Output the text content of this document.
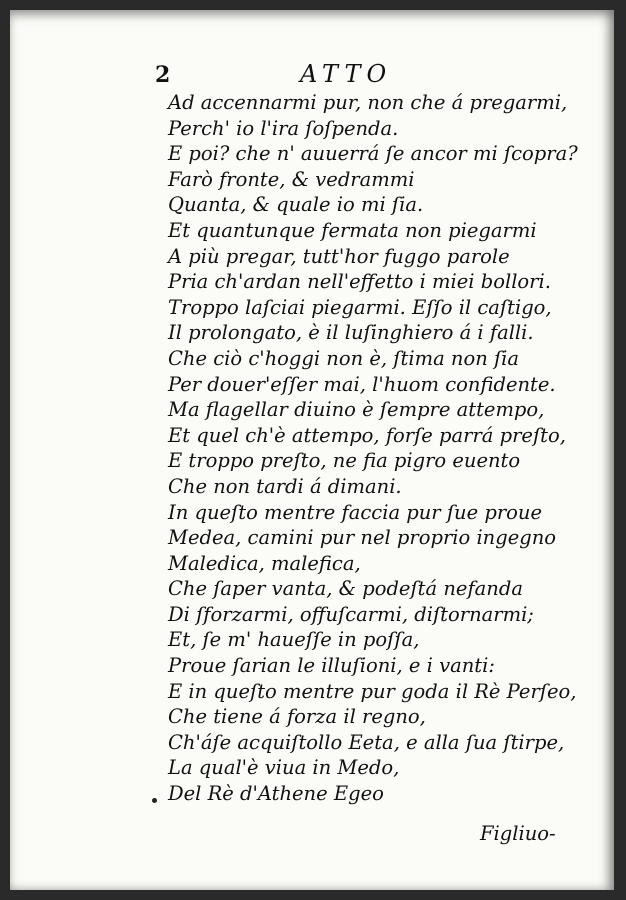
2	ATTO
Ad accennarmi pur, non che á pregarmi,
Perch' io l'ira ſoſpenda.
E poi? che n' auuerrá ſe ancor mi ſcopra?
Farò fronte, & vedrammi
Quanta, & quale io mi ſia.
Et quantunque fermata non piegarmi
A più pregar, tutt'hor fuggo parole
Pria ch'ardan nell'effetto i miei bollori.
Troppo laſciai piegarmi. Eſſo il caſtigo,
Il prolongato, è il luſinghiero á i falli.
Che ciò c'hoggi non è, ſtima non ſia
Per douer'eſſer mai, l'huom confidente.
Ma flagellar diuino è ſempre attempo,
Et quel ch'è attempo, forſe parrá preſto,
E troppo preſto, ne fia pigro euento
Che non tardi á dimani.
In queſto mentre faccia pur ſue proue
Medea, camini pur nel proprio ingegno
Maledica, malefica,
Che ſaper vanta, & podeſtá nefanda
Di ſforzarmi, offuſcarmi, diſtornarmi;
Et, ſe m' haueſſe in poſſa,
Proue ſarian le illuſioni, e i vanti:
E in queſto mentre pur goda il Rè Perſeo,
Che tiene á forza il regno,
Ch'áſe acquiſtollo Eeta, e alla ſua ſtirpe,
La qual'è viua in Medo,
Del Rè d'Athene Egeo
Figliuo-
